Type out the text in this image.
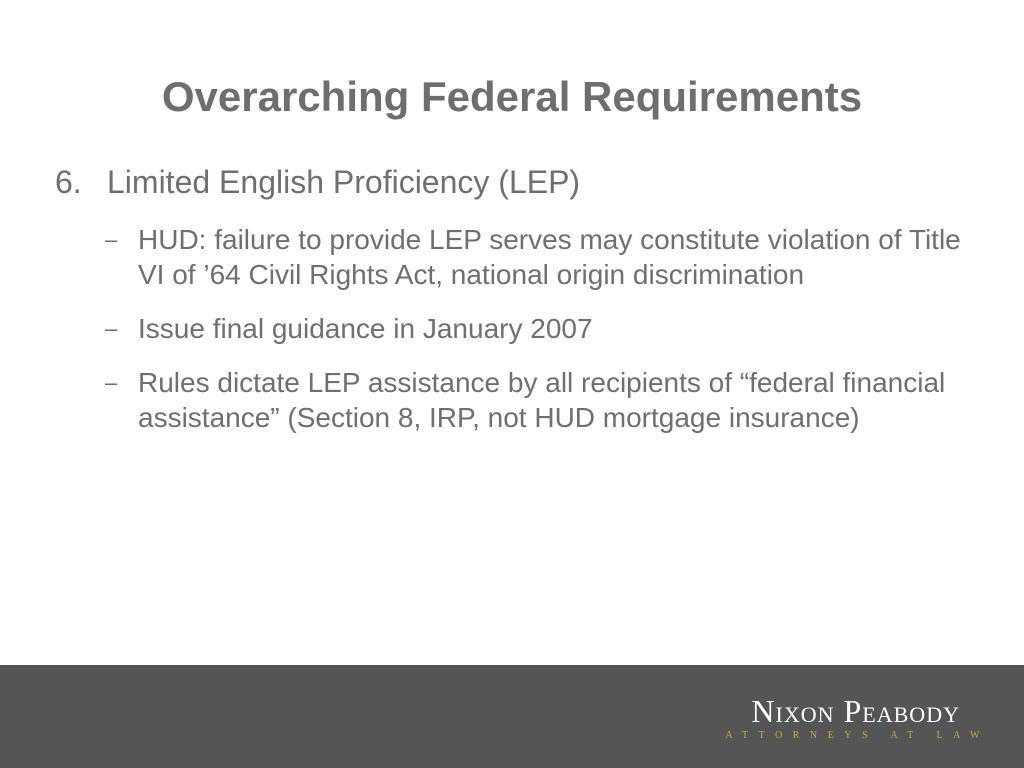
Overarching Federal Requirements
6. Limited English Proficiency (LEP)
– HUD: failure to provide LEP serves may constitute violation of Title VI of ’64 Civil Rights Act, national origin discrimination
– Issue final guidance in January 2007
– Rules dictate LEP assistance by all recipients of “federal financial assistance” (Section 8, IRP, not HUD mortgage insurance)
Nixon Peabody
ATTORNEYS AT LAW
